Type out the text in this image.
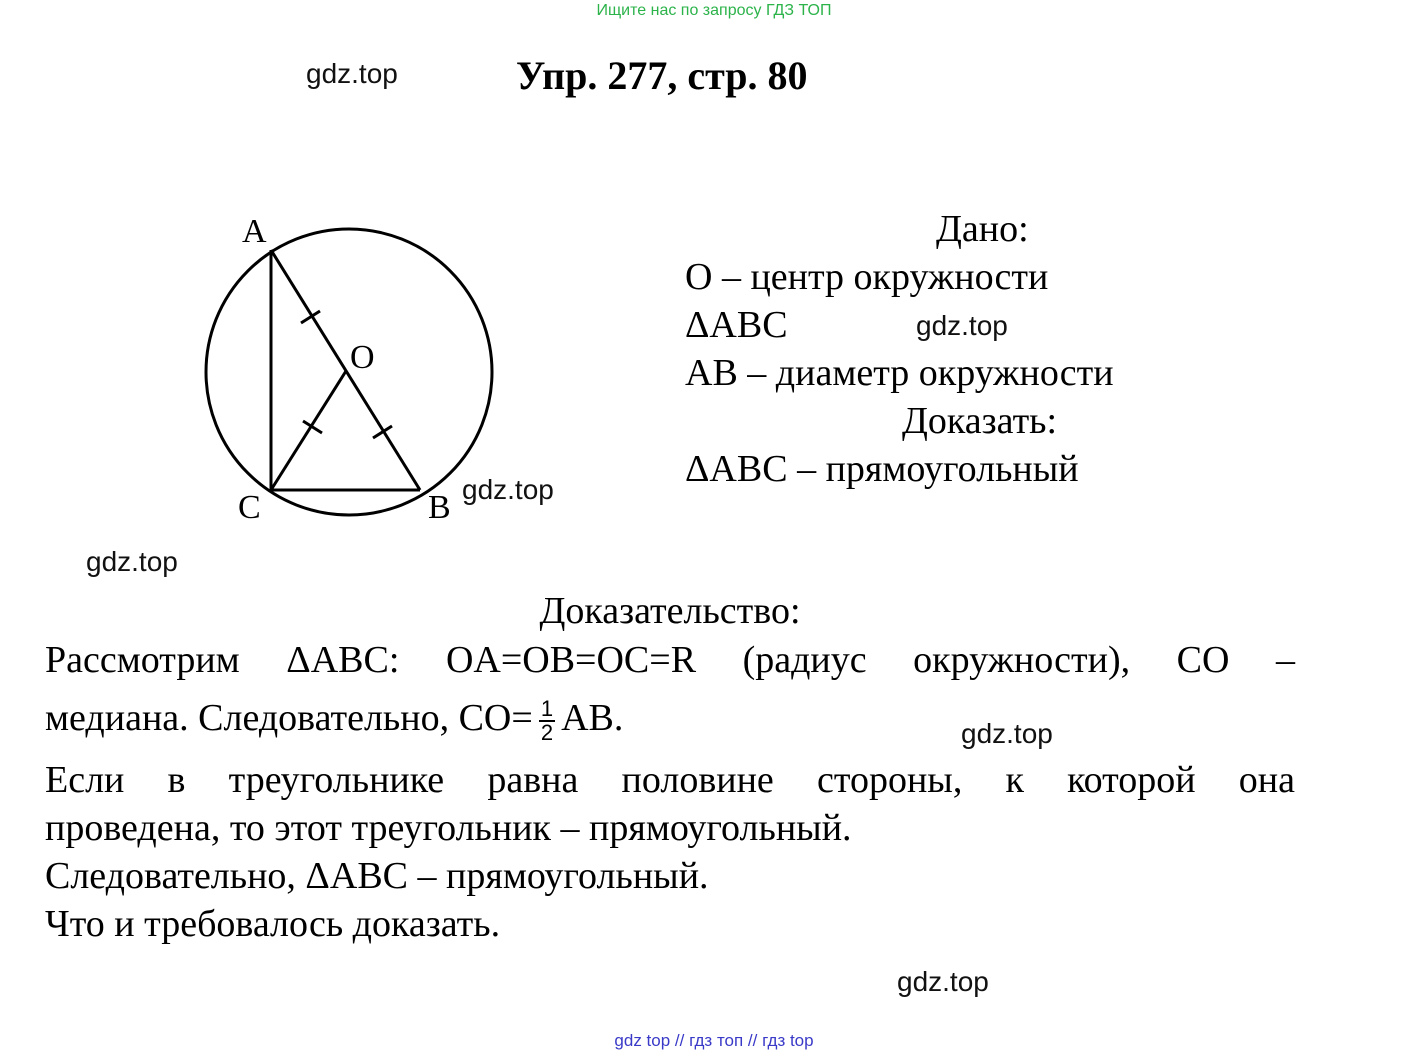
Ищите нас по запросу ГДЗ ТОП
Упр. 277, стр. 80
gdz.top
gdz.top
gdz.top
gdz.top
gdz.top
gdz.top
A
C	B
O
Дано:
O – центр окружности
ΔABC
AB – диаметр окружности
Доказать:
ΔABC – прямоугольный
Доказательство:
Рассмотрим ΔABC: OA=OB=OC=R (радиус окружности), CO –
медиана. Следовательно, $CO= \frac{1}{2}$ AB.
Если в треугольнике равна половине стороны, к которой она
проведена, то этот треугольник – прямоугольный.
Следовательно, ΔABC – прямоугольный.
Что и требовалось доказать.
gdz top // гдз топ // гдз top
